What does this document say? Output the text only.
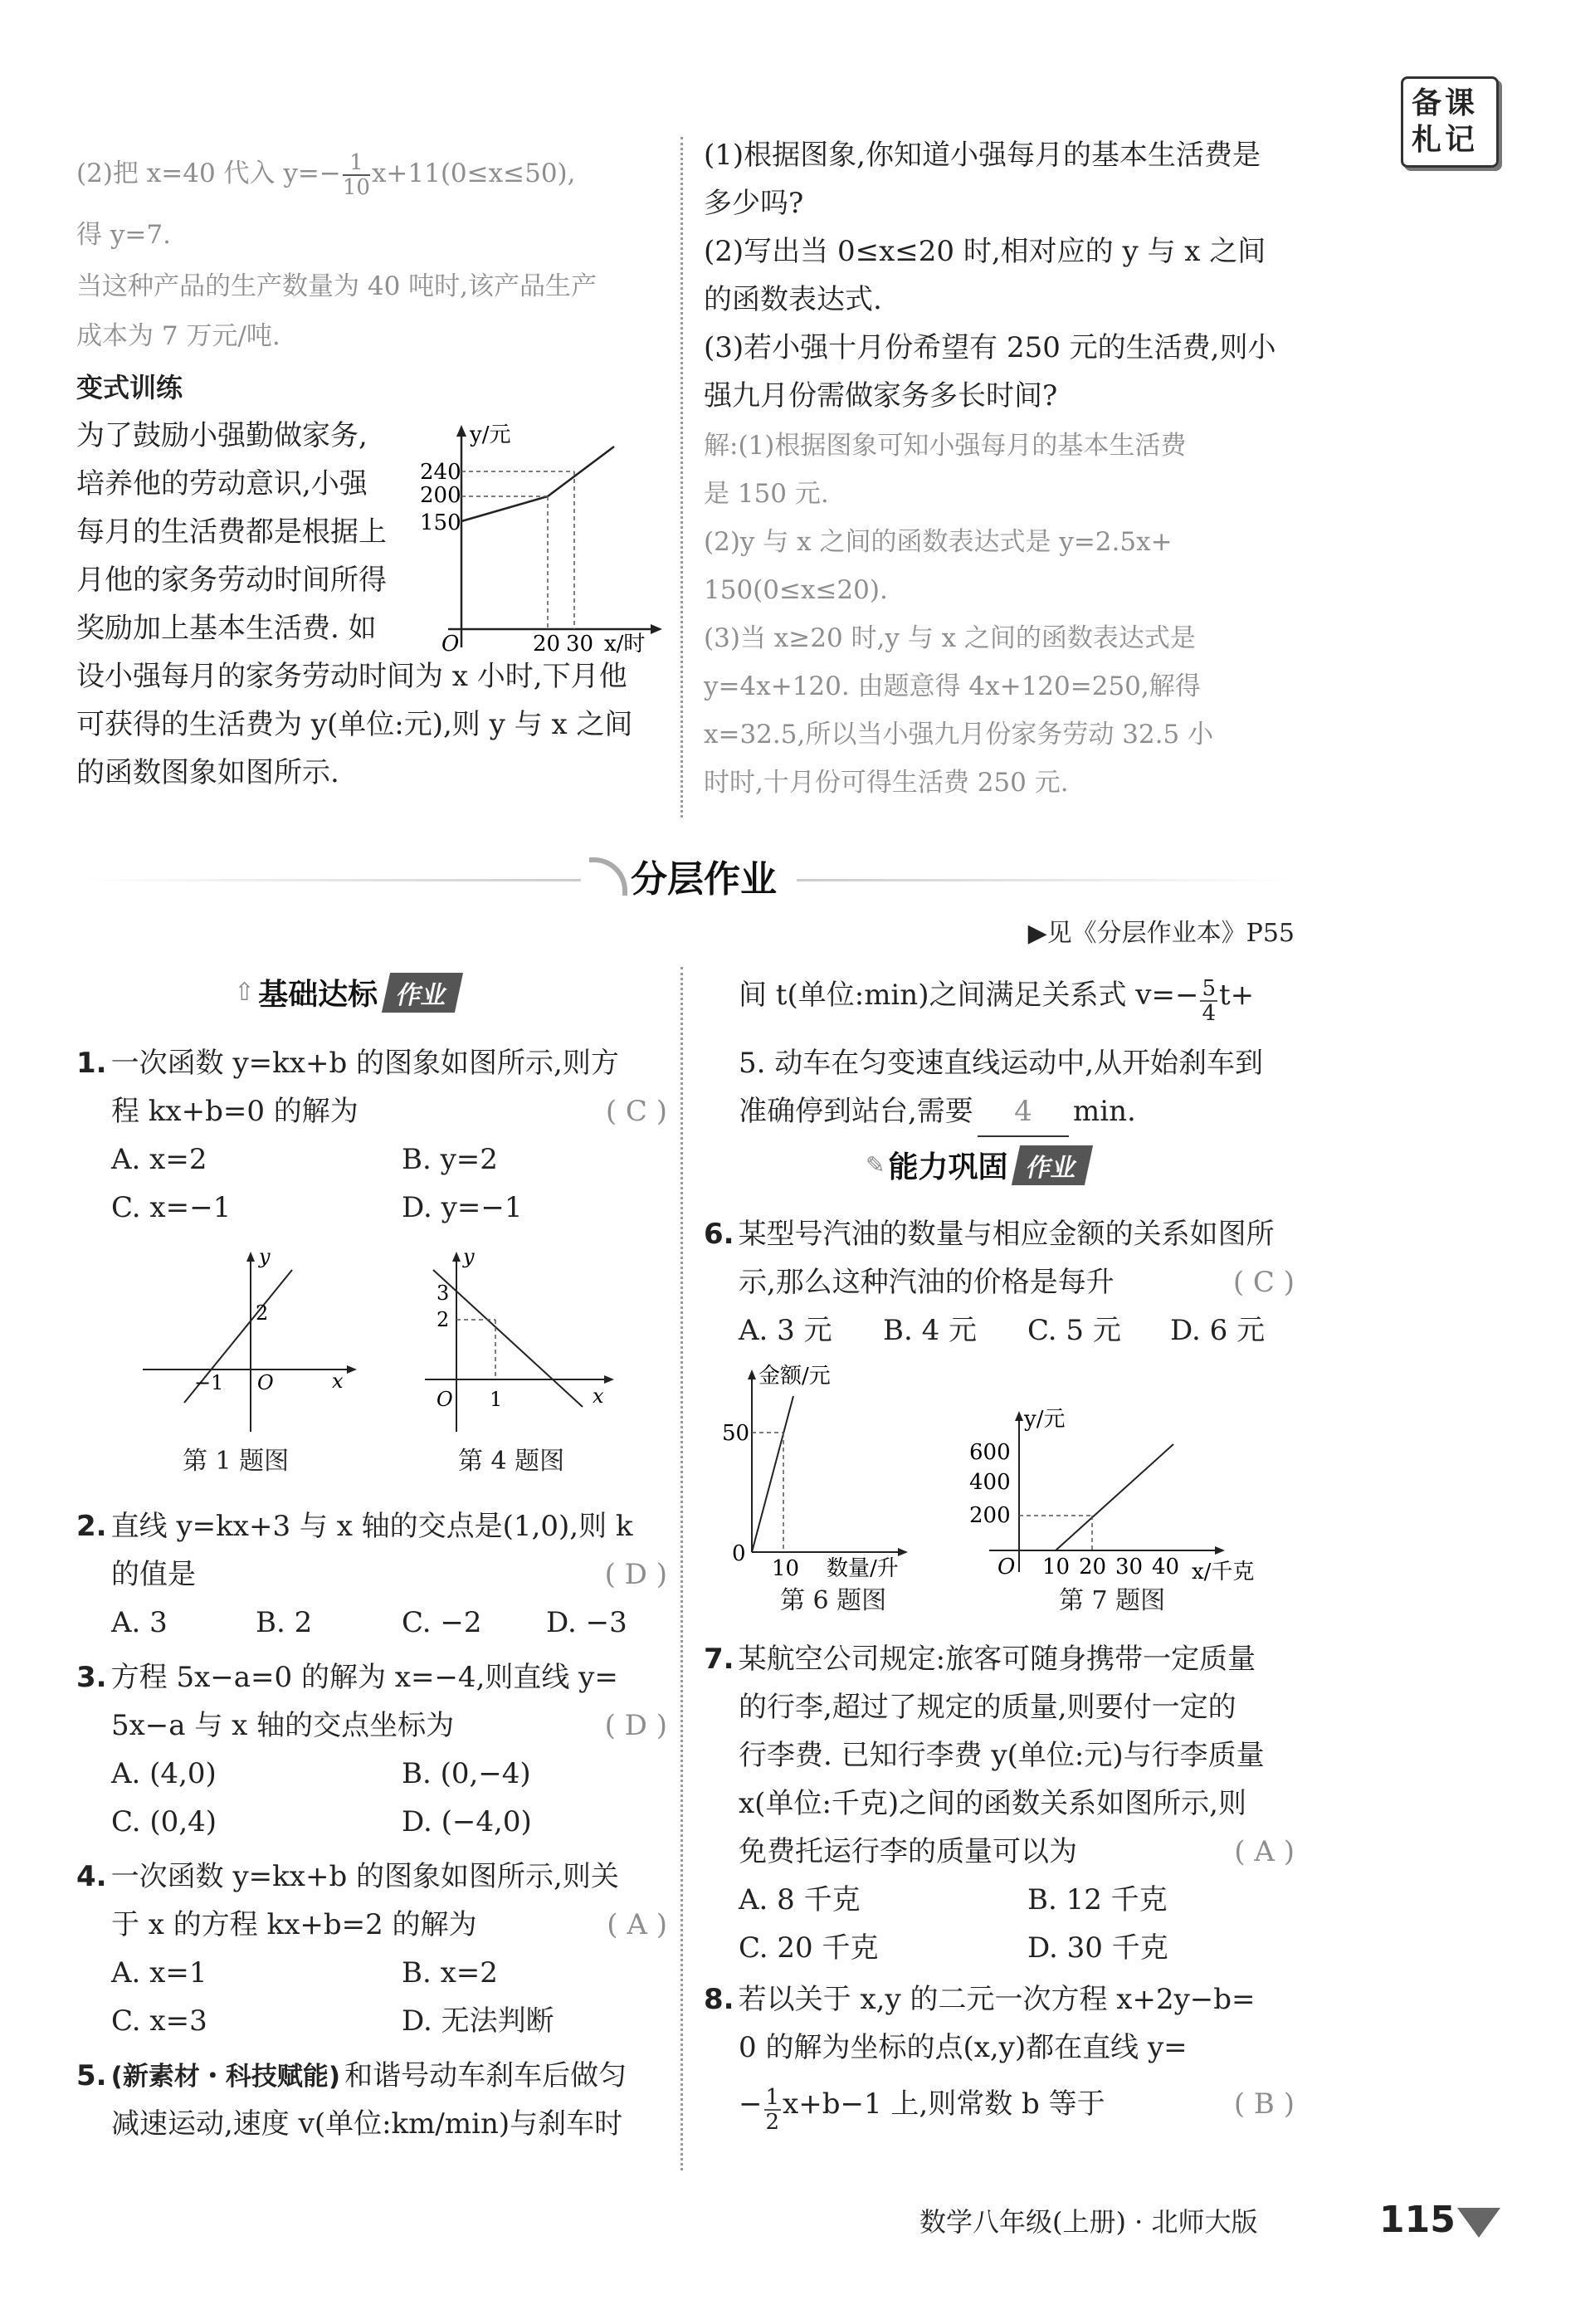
备课札记
(2)把 x=40 代入 $y=- \frac{1}{10} x+11(0\le x\le 50)$,
得 y=7.
当这种产品的生产数量为 40 吨时,该产品生产
成本为 7 万元/吨.
变式训练
为了鼓励小强勤做家务,
培养他的劳动意识,小强
每月的生活费都是根据上
月他的家务劳动时间所得
奖励加上基本生活费. 如
设小强每月的家务劳动时间为 x 小时,下月他
可获得的生活费为 y(单位:元),则 y 与 x 之间
的函数图象如图所示.
y/元
240
200
150
O	20 30 x/时
(1)根据图象,你知道小强每月的基本生活费是
多少吗?
(2)写出当 0≤x≤20 时,相对应的 y 与 x 之间
的函数表达式.
(3)若小强十月份希望有 250 元的生活费,则小
强九月份需做家务多长时间?
解:(1)根据图象可知小强每月的基本生活费
是 150 元.
(2)y 与 x 之间的函数表达式是 y=2.5x+
150(0≤x≤20).
(3)当 x≥20 时,y 与 x 之间的函数表达式是
y=4x+120. 由题意得 4x+120=250,解得
x=32.5,所以当小强九月份家务劳动 32.5 小
时时,十月份可得生活费 250 元.
分层作业
▶见《分层作业本》P55
⇧ 基础达标 作业
1. 一次函数 y=kx+b 的图象如图所示,则方
程 kx+b=0 的解为	( C )
A. x=2	B. y=2
C. x=−1	D. y=−1
y
x
O
2
−1
第 1 题图
y
x
O
3
2
1
第 4 题图
2. 直线 y=kx+3 与 x 轴的交点是(1,0),则 k
的值是	( D )
A. 3	B. 2	C. −2 D. −3
3. 方程 5x−a=0 的解为 x=−4,则直线 y=
5x−a 与 x 轴的交点坐标为	( D )
A. (4,0)	B. (0,−4)
C. (0,4)	D. (−4,0)
4. 一次函数 y=kx+b 的图象如图所示,则关
于 x 的方程 kx+b=2 的解为	( A )
A. x=1	B. x=2
C. x=3	D. 无法判断
5. (新素材・科技赋能) 和谐号动车刹车后做匀
减速运动,速度 v(单位:km/min)与刹车时
间 t(单位:min)之间满足关系式 $v=- \frac{5}{4} t+$
5. 动车在匀变速直线运动中,从开始刹车到
准确停到站台,需要 4 min.
✎ 能力巩固 作业
6. 某型号汽油的数量与相应金额的关系如图所
示,那么这种汽油的价格是每升	( C )
A. 3 元 B. 4 元 C. 5 元 D. 6 元
金额/元
50
0
10 数量/升
第 6 题图
y/元
600
400
200
O 10 20 30 40 x/千克
第 7 题图
7. 某航空公司规定:旅客可随身携带一定质量
的行李,超过了规定的质量,则要付一定的
行李费. 已知行李费 y(单位:元)与行李质量
x(单位:千克)之间的函数关系如图所示,则
免费托运行李的质量可以为	( A )
A. 8 千克	B. 12 千克
C. 20 千克	D. 30 千克
8. 若以关于 x,y 的二元一次方程 x+2y−b=
0 的解为坐标的点(x,y)都在直线 y=
− $\frac{1}{2} x+b-1$ 上,则常数 b 等于	( B )
数学八年级(上册) · 北师大版	115
